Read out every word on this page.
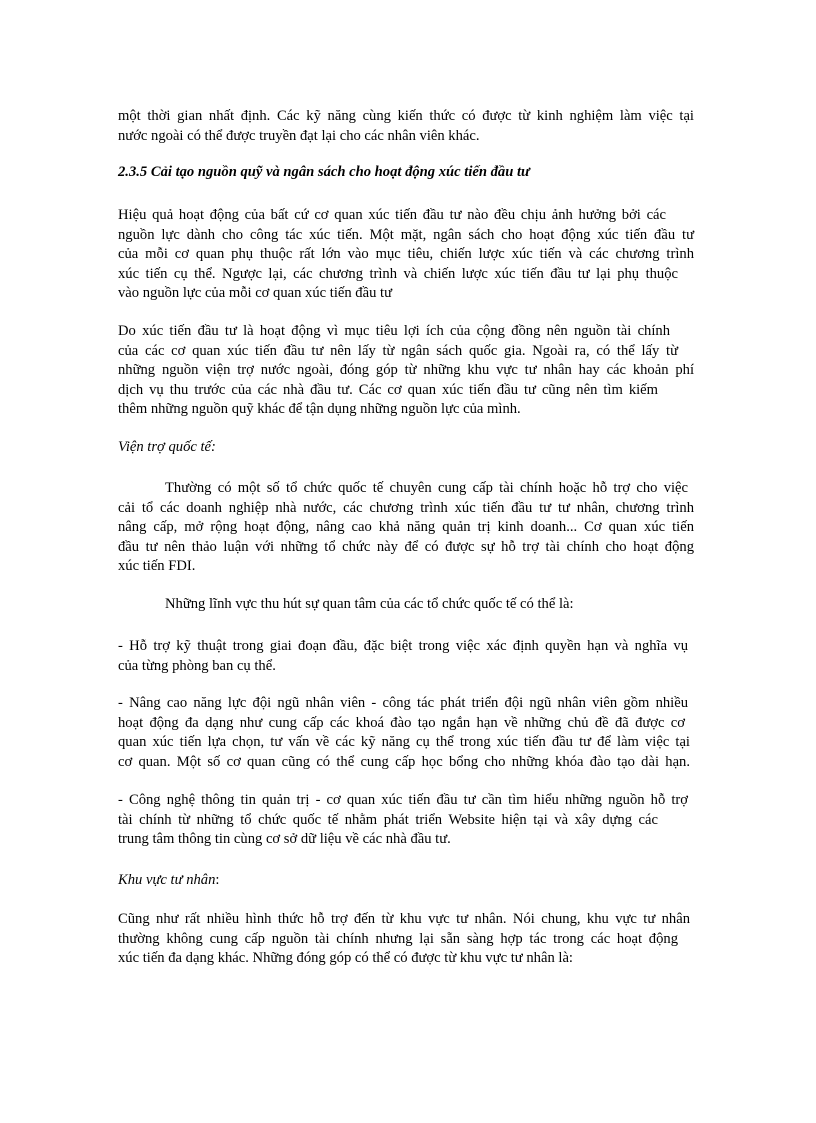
một thời gian nhất định. Các kỹ năng cùng kiến thức có được từ kinh nghiệm làm việc tại
nước ngoài có thể được truyền đạt lại cho các nhân viên khác.
2.3.5 Cải tạo nguồn quỹ và ngân sách cho hoạt động xúc tiến đầu tư
Hiệu quả hoạt động của bất cứ cơ quan xúc tiến đầu tư nào đều chịu ảnh hưởng bởi các
nguồn lực dành cho công tác xúc tiến. Một mặt, ngân sách cho hoạt động xúc tiến đầu tư
của mỗi cơ quan phụ thuộc rất lớn vào mục tiêu, chiến lược xúc tiến và các chương trình
xúc tiến cụ thể. Ngược lại, các chương trình và chiến lược xúc tiến đầu tư lại phụ thuộc
vào nguồn lực của mỗi cơ quan xúc tiến đầu tư
Do xúc tiến đầu tư là hoạt động vì mục tiêu lợi ích của cộng đồng nên nguồn tài chính
của các cơ quan xúc tiến đầu tư nên lấy từ ngân sách quốc gia. Ngoài ra, có thể lấy từ
những nguồn viện trợ nước ngoài, đóng góp từ những khu vực tư nhân hay các khoản phí
dịch vụ thu trước của các nhà đầu tư. Các cơ quan xúc tiến đầu tư cũng nên tìm kiếm
thêm những nguồn quỹ khác để tận dụng những nguồn lực của mình.
Viện trợ quốc tế:
Thường có một số tổ chức quốc tế chuyên cung cấp tài chính hoặc hỗ trợ cho việc
cải tổ các doanh nghiệp nhà nước, các chương trình xúc tiến đầu tư tư nhân, chương trình
nâng cấp, mở rộng hoạt động, nâng cao khả năng quản trị kinh doanh... Cơ quan xúc tiến
đầu tư nên thảo luận với những tổ chức này để có được sự hỗ trợ tài chính cho hoạt động
xúc tiến FDI.
Những lĩnh vực thu hút sự quan tâm của các tổ chức quốc tế có thể là:
- Hỗ trợ kỹ thuật trong giai đoạn đầu, đặc biệt trong việc xác định quyền hạn và nghĩa vụ
của từng phòng ban cụ thể.
- Nâng cao năng lực đội ngũ nhân viên - công tác phát triển đội ngũ nhân viên gồm nhiều
hoạt động đa dạng như cung cấp các khoá đào tạo ngắn hạn về những chủ đề đã được cơ
quan xúc tiến lựa chọn, tư vấn về các kỹ năng cụ thể trong xúc tiến đầu tư để làm việc tại
cơ quan. Một số cơ quan cũng có thể cung cấp học bổng cho những khóa đào tạo dài hạn.
- Công nghệ thông tin quản trị - cơ quan xúc tiến đầu tư cần tìm hiểu những nguồn hỗ trợ
tài chính từ những tổ chức quốc tế nhằm phát triển Website hiện tại và xây dựng các
trung tâm thông tin cùng cơ sở dữ liệu về các nhà đầu tư.
Khu vực tư nhân:
Cũng như rất nhiều hình thức hỗ trợ đến từ khu vực tư nhân. Nói chung, khu vực tư nhân
thường không cung cấp nguồn tài chính nhưng lại sẵn sàng hợp tác trong các hoạt động
xúc tiến đa dạng khác. Những đóng góp có thể có được từ khu vực tư nhân là:
